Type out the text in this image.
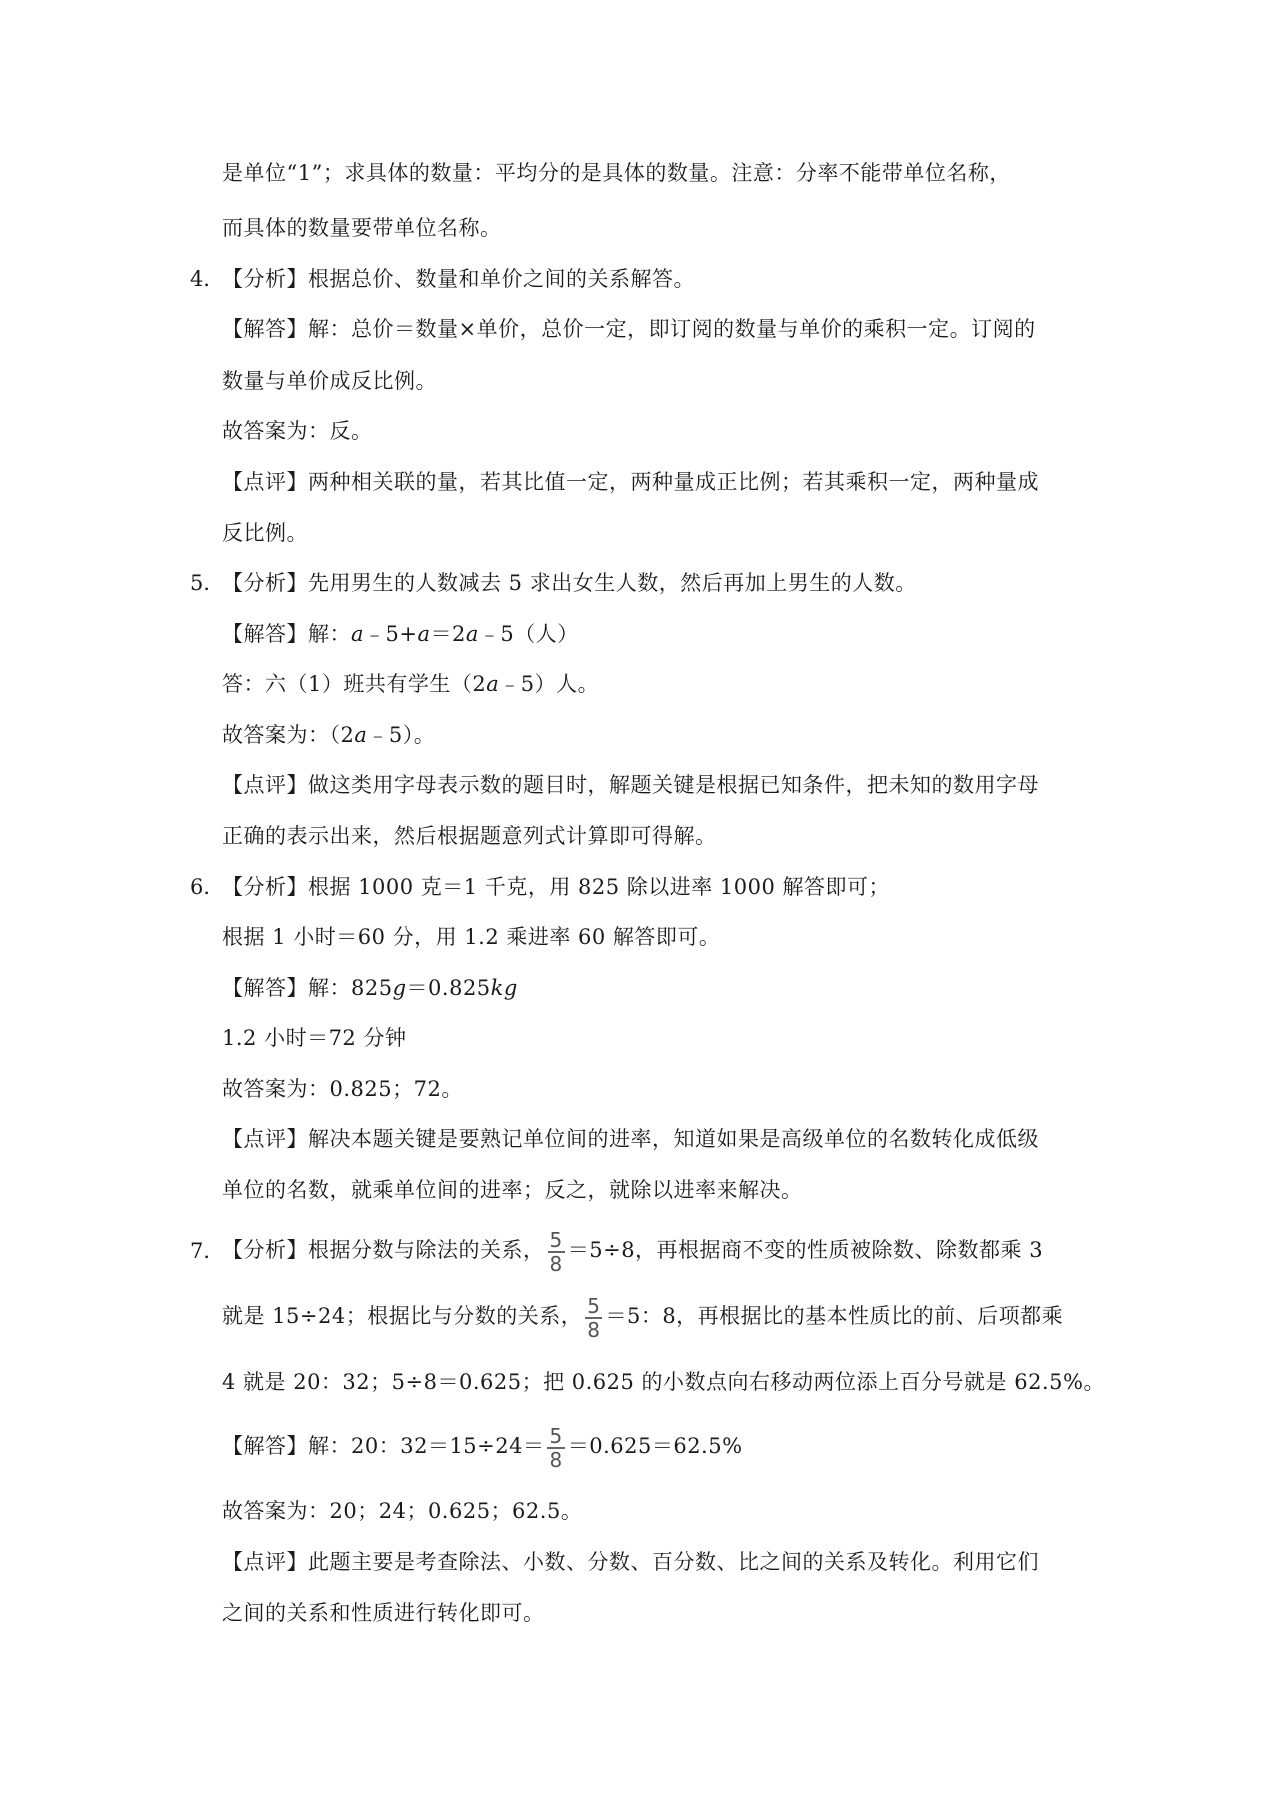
是单位“1”；求具体的数量：平均分的是具体的数量。注意：分率不能带单位名称，
而具体的数量要带单位名称。
4．
【分析】根据总价、数量和单价之间的关系解答。
【解答】解：总价＝数量×单价，总价一定，即订阅的数量与单价的乘积一定。订阅的
数量与单价成反比例。
故答案为：反。
【点评】两种相关联的量，若其比值一定，两种量成正比例；若其乘积一定，两种量成
反比例。
5．
【分析】先用男生的人数减去 5 求出女生人数，然后再加上男生的人数。
【解答】解：a﹣5+a＝2a﹣5（人）
答：六（1）班共有学生（2a﹣5）人。
故答案为：（2a﹣5）。
【点评】做这类用字母表示数的题目时，解题关键是根据已知条件，把未知的数用字母
正确的表示出来，然后根据题意列式计算即可得解。
6．
【分析】根据 1000 克＝1 千克，用 825 除以进率 1000 解答即可；
根据 1 小时＝60 分，用 1.2 乘进率 60 解答即可。
【解答】解：825g＝0.825kg
1.2 小时＝72 分钟
故答案为：0.825；72。
【点评】解决本题关键是要熟记单位间的进率，知道如果是高级单位的名数转化成低级
单位的名数，就乘单位间的进率；反之，就除以进率来解决。
7．
【分析】根据分数与除法的关系， $\frac{5}{8} =5\div 8$，再根据商不变的性质被除数、除数都乘 3
就是 15÷24；根据比与分数的关系， $\frac{5}{8} =5$：8，再根据比的基本性质比的前、后项都乘
4 就是 20：32；5÷8＝0.625；把 0.625 的小数点向右移动两位添上百分号就是 62.5%。
【解答】解：20：$32=15\div 24= \frac{5}{8} =0.625=62.5\%$
故答案为：20；24；0.625；62.5。
【点评】此题主要是考查除法、小数、分数、百分数、比之间的关系及转化。利用它们
之间的关系和性质进行转化即可。
